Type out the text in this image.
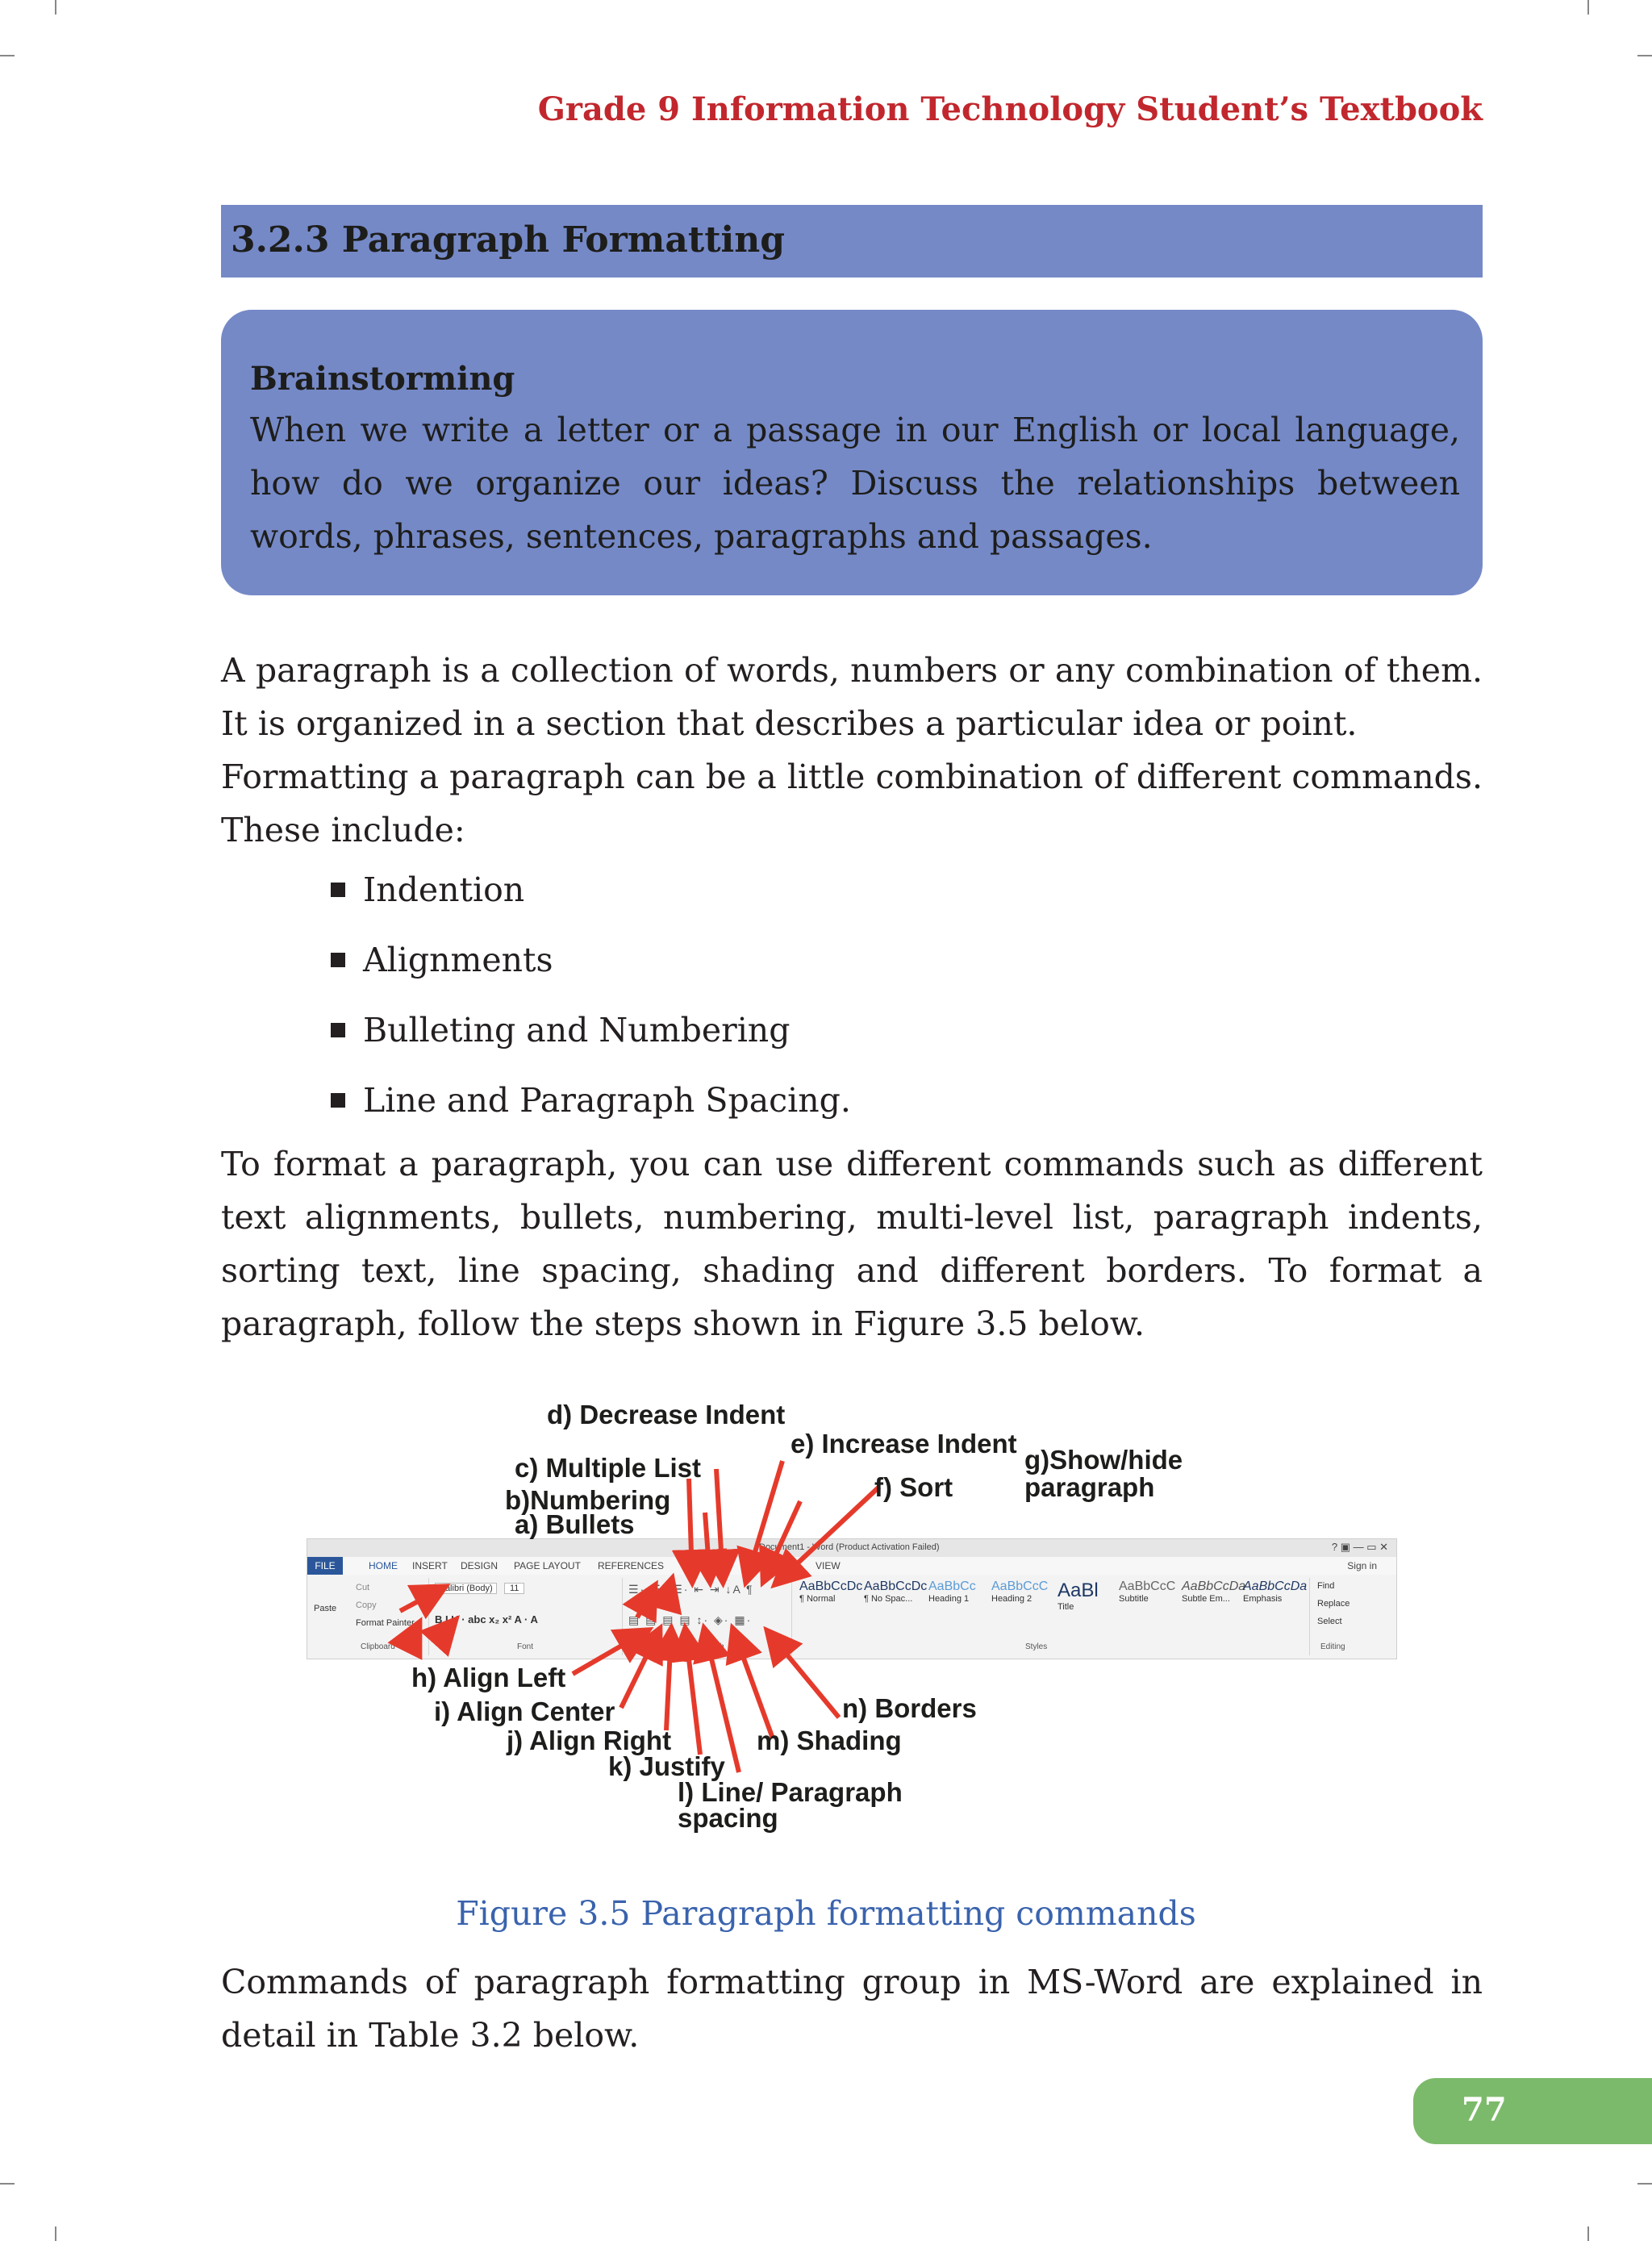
Grade 9 Information Technology Student’s Textbook
3.2.3 Paragraph Formatting
Brainstorming
When we write a letter or a passage in our English or local language, how do we organize our ideas? Discuss the relationships between words, phrases, sentences, paragraphs and passages.
A paragraph is a collection of words, numbers or any combination of them. It is organized in a section that describes a particular idea or point.
Formatting a paragraph can be a little combination of different commands. These include:
Indention
Alignments
Bulleting and Numbering
Line and Paragraph Spacing.
To format a paragraph, you can use different commands such as different text alignments, bullets, numbering, multi-level list, paragraph indents, sorting text, line spacing, shading and different borders. To format a paragraph, follow the steps shown in Figure 3.5 below.
Document1 - Word (Product Activation Failed)	? ▣ — ▭ ✕
HOME INSERT DESIGN PAGE LAYOUT REFERENCES MAILINGS	REVIEW VIEW	Sign in
FILE
Paste
Cut
Copy
Format Painter
Clipboard
Calibri (Body)	11
B I U · abc x₂ x² A · A
Font
☰· ☷· ☰· ⇤ ⇥ ↓A ¶
▤ ▤ ▤ ▤ ↕· ◈· ▦·
Paragraph
AaBbCcDc
¶ Normal
AaBbCcDc
¶ No Spac...
AaBbCc
Heading 1
AaBbCcC
Heading 2	AaBl
Title
AaBbCcC
Subtitle
AaBbCcDa
Subtle Em...
AaBbCcDa
Emphasis
Styles
Find
Replace
Select
Editing
d) Decrease Indent
e) Increase Indent
c) Multiple List	g)Show/hide
paragraph
f) Sort
b)Numbering
a) Bullets
h) Align Left
i) Align Center
j) Align Right
k) Justify
l) Line/ Paragraph
spacing
m) Shading
n) Borders
Figure 3.5 Paragraph formatting commands
Commands of paragraph formatting group in MS-Word are explained in detail in Table 3.2 below.
77
